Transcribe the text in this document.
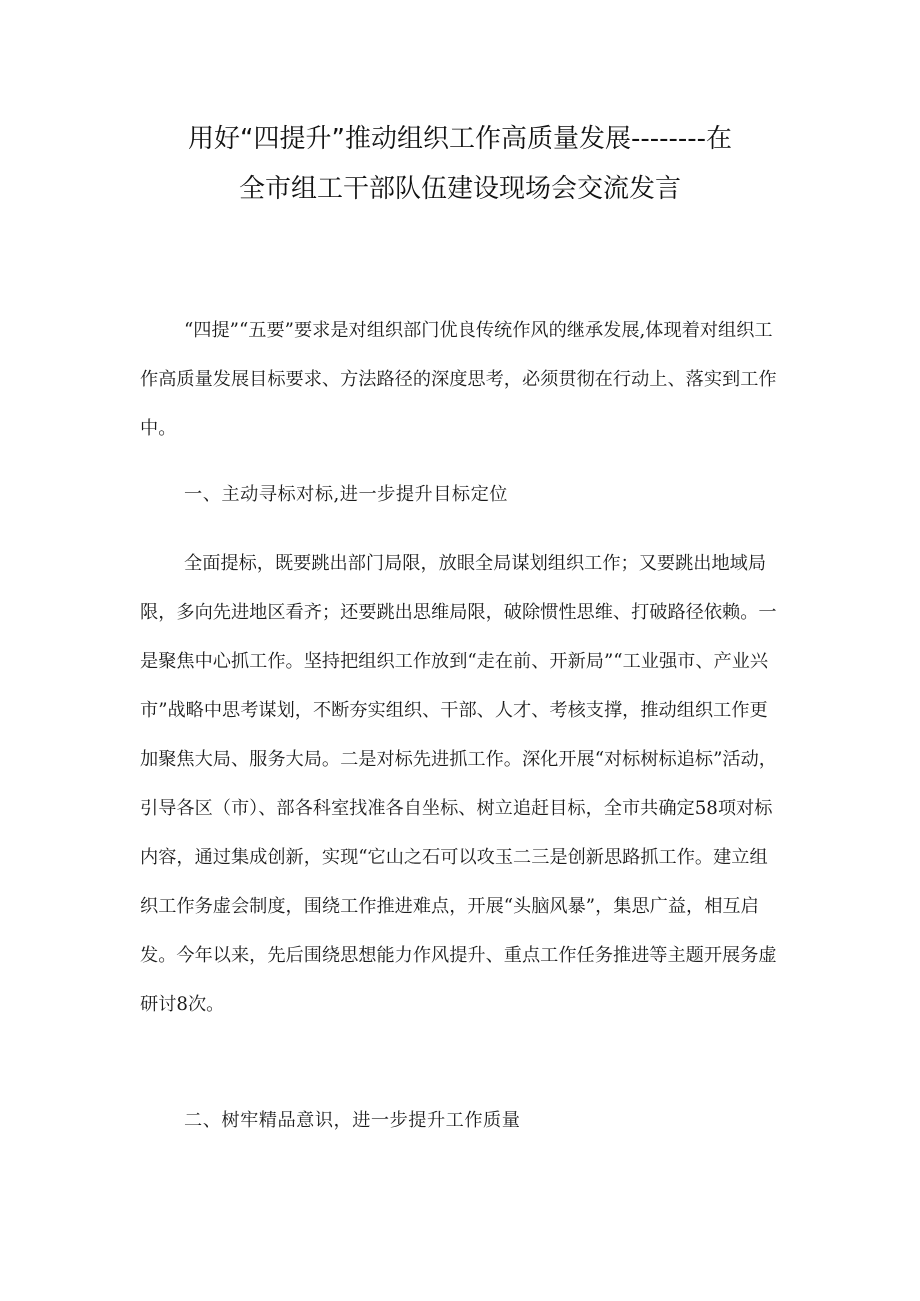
用好“四提升”推动组织工作高质量发展--------在
全市组工干部队伍建设现场会交流发言

“四提”“五要”要求是对组织部门优良传统作风的继承发展,体现着对组织工作高质量发展目标要求、方法路径的深度思考，必须贯彻在行动上、落实到工作中。

一、主动寻标对标,进一步提升目标定位

全面提标，既要跳出部门局限，放眼全局谋划组织工作；又要跳出地域局限，多向先进地区看齐；还要跳出思维局限，破除惯性思维、打破路径依赖。一是聚焦中心抓工作。坚持把组织工作放到“走在前、开新局”“工业强市、产业兴市”战略中思考谋划，不断夯实组织、干部、人才、考核支撑，推动组织工作更加聚焦大局、服务大局。二是对标先进抓工作。深化开展“对标树标追标”活动，引导各区（市）、部各科室找准各自坐标、树立追赶目标，全市共确定58项对标内容，通过集成创新，实现“它山之石可以攻玉二三是创新思路抓工作。建立组织工作务虚会制度，围绕工作推进难点，开展“头脑风暴”，集思广益，相互启发。今年以来，先后围绕思想能力作风提升、重点工作任务推进等主题开展务虚研讨8次。

二、树牢精品意识，进一步提升工作质量
